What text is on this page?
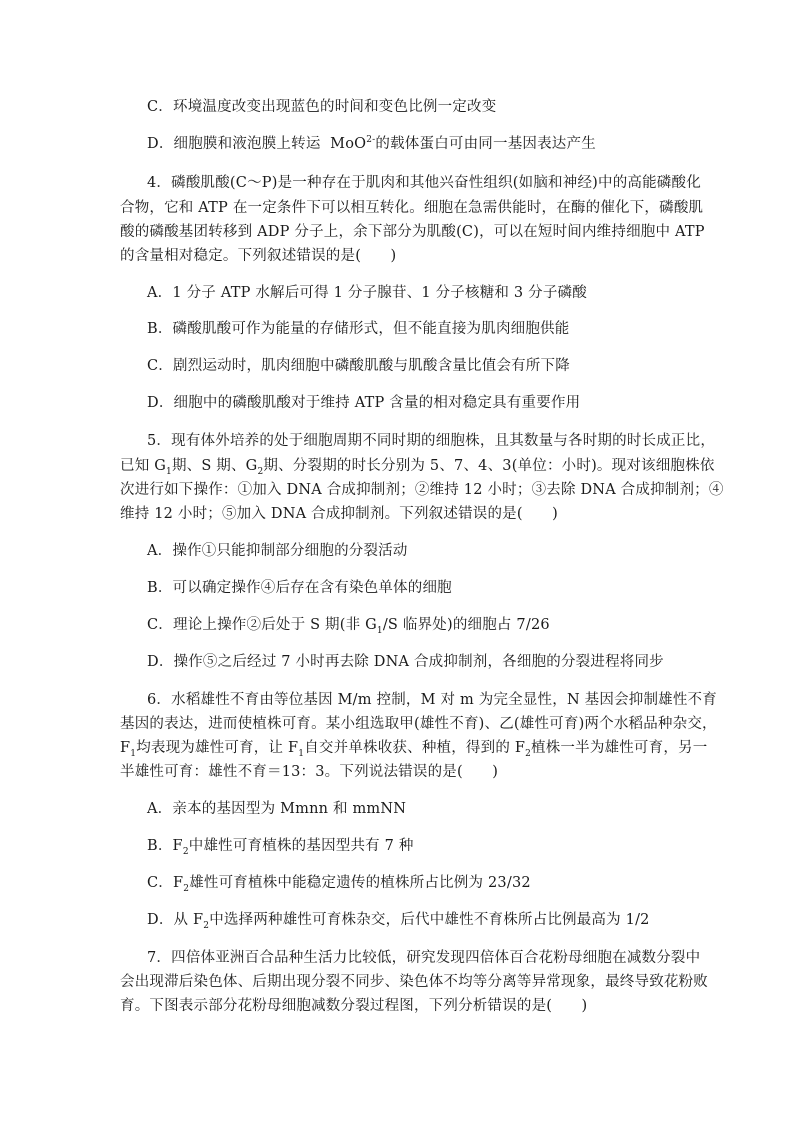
C．环境温度改变出现蓝色的时间和变色比例一定改变
D．细胞膜和液泡膜上转运 MoO$^{2-}$的载体蛋白可由同一基因表达产生
4．磷酸肌酸(C～P)是一种存在于肌肉和其他兴奋性组织(如脑和神经)中的高能磷酸化
合物，它和 ATP 在一定条件下可以相互转化。细胞在急需供能时，在酶的催化下，磷酸肌
酸的磷酸基团转移到 ADP 分子上，余下部分为肌酸(C)，可以在短时间内维持细胞中 ATP
的含量相对稳定。下列叙述错误的是(　　)
A．1 分子 ATP 水解后可得 1 分子腺苷、1 分子核糖和 3 分子磷酸
B．磷酸肌酸可作为能量的存储形式，但不能直接为肌肉细胞供能
C．剧烈运动时，肌肉细胞中磷酸肌酸与肌酸含量比值会有所下降
D．细胞中的磷酸肌酸对于维持 ATP 含量的相对稳定具有重要作用
5．现有体外培养的处于细胞周期不同时期的细胞株，且其数量与各时期的时长成正比，
已知 $G_1$期、S 期、$G_2$期、分裂期的时长分别为 5、7、4、3(单位：小时)。现对该细胞株依
次进行如下操作：①加入 DNA 合成抑制剂；②维持 12 小时；③去除 DNA 合成抑制剂；④
维持 12 小时；⑤加入 DNA 合成抑制剂。下列叙述错误的是(　　)
A．操作①只能抑制部分细胞的分裂活动
B．可以确定操作④后存在含有染色单体的细胞
C．理论上操作②后处于 S 期(非 $G_1/S$ 临界处)的细胞占 7/26
D．操作⑤之后经过 7 小时再去除 DNA 合成抑制剂，各细胞的分裂进程将同步
6．水稻雄性不育由等位基因 M/m 控制，M 对 m 为完全显性，N 基因会抑制雄性不育
基因的表达，进而使植株可育。某小组选取甲(雄性不育)、乙(雄性可育)两个水稻品种杂交，
$F_1$均表现为雄性可育，让 $F_1$自交并单株收获、种植，得到的 $F_2$植株一半为雄性可育，另一
半雄性可育：雄性不育＝13：3。下列说法错误的是(　　)
A．亲本的基因型为 Mmnn 和 mmNN
B．$F_2$中雄性可育植株的基因型共有 7 种
C．$F_2$雄性可育植株中能稳定遗传的植株所占比例为 23/32
D．从 $F_2$中选择两种雄性可育株杂交，后代中雄性不育株所占比例最高为 1/2
7．四倍体亚洲百合品种生活力比较低，研究发现四倍体百合花粉母细胞在减数分裂中
会出现滞后染色体、后期出现分裂不同步、染色体不均等分离等异常现象，最终导致花粉败
育。下图表示部分花粉母细胞减数分裂过程图，下列分析错误的是(　　)
